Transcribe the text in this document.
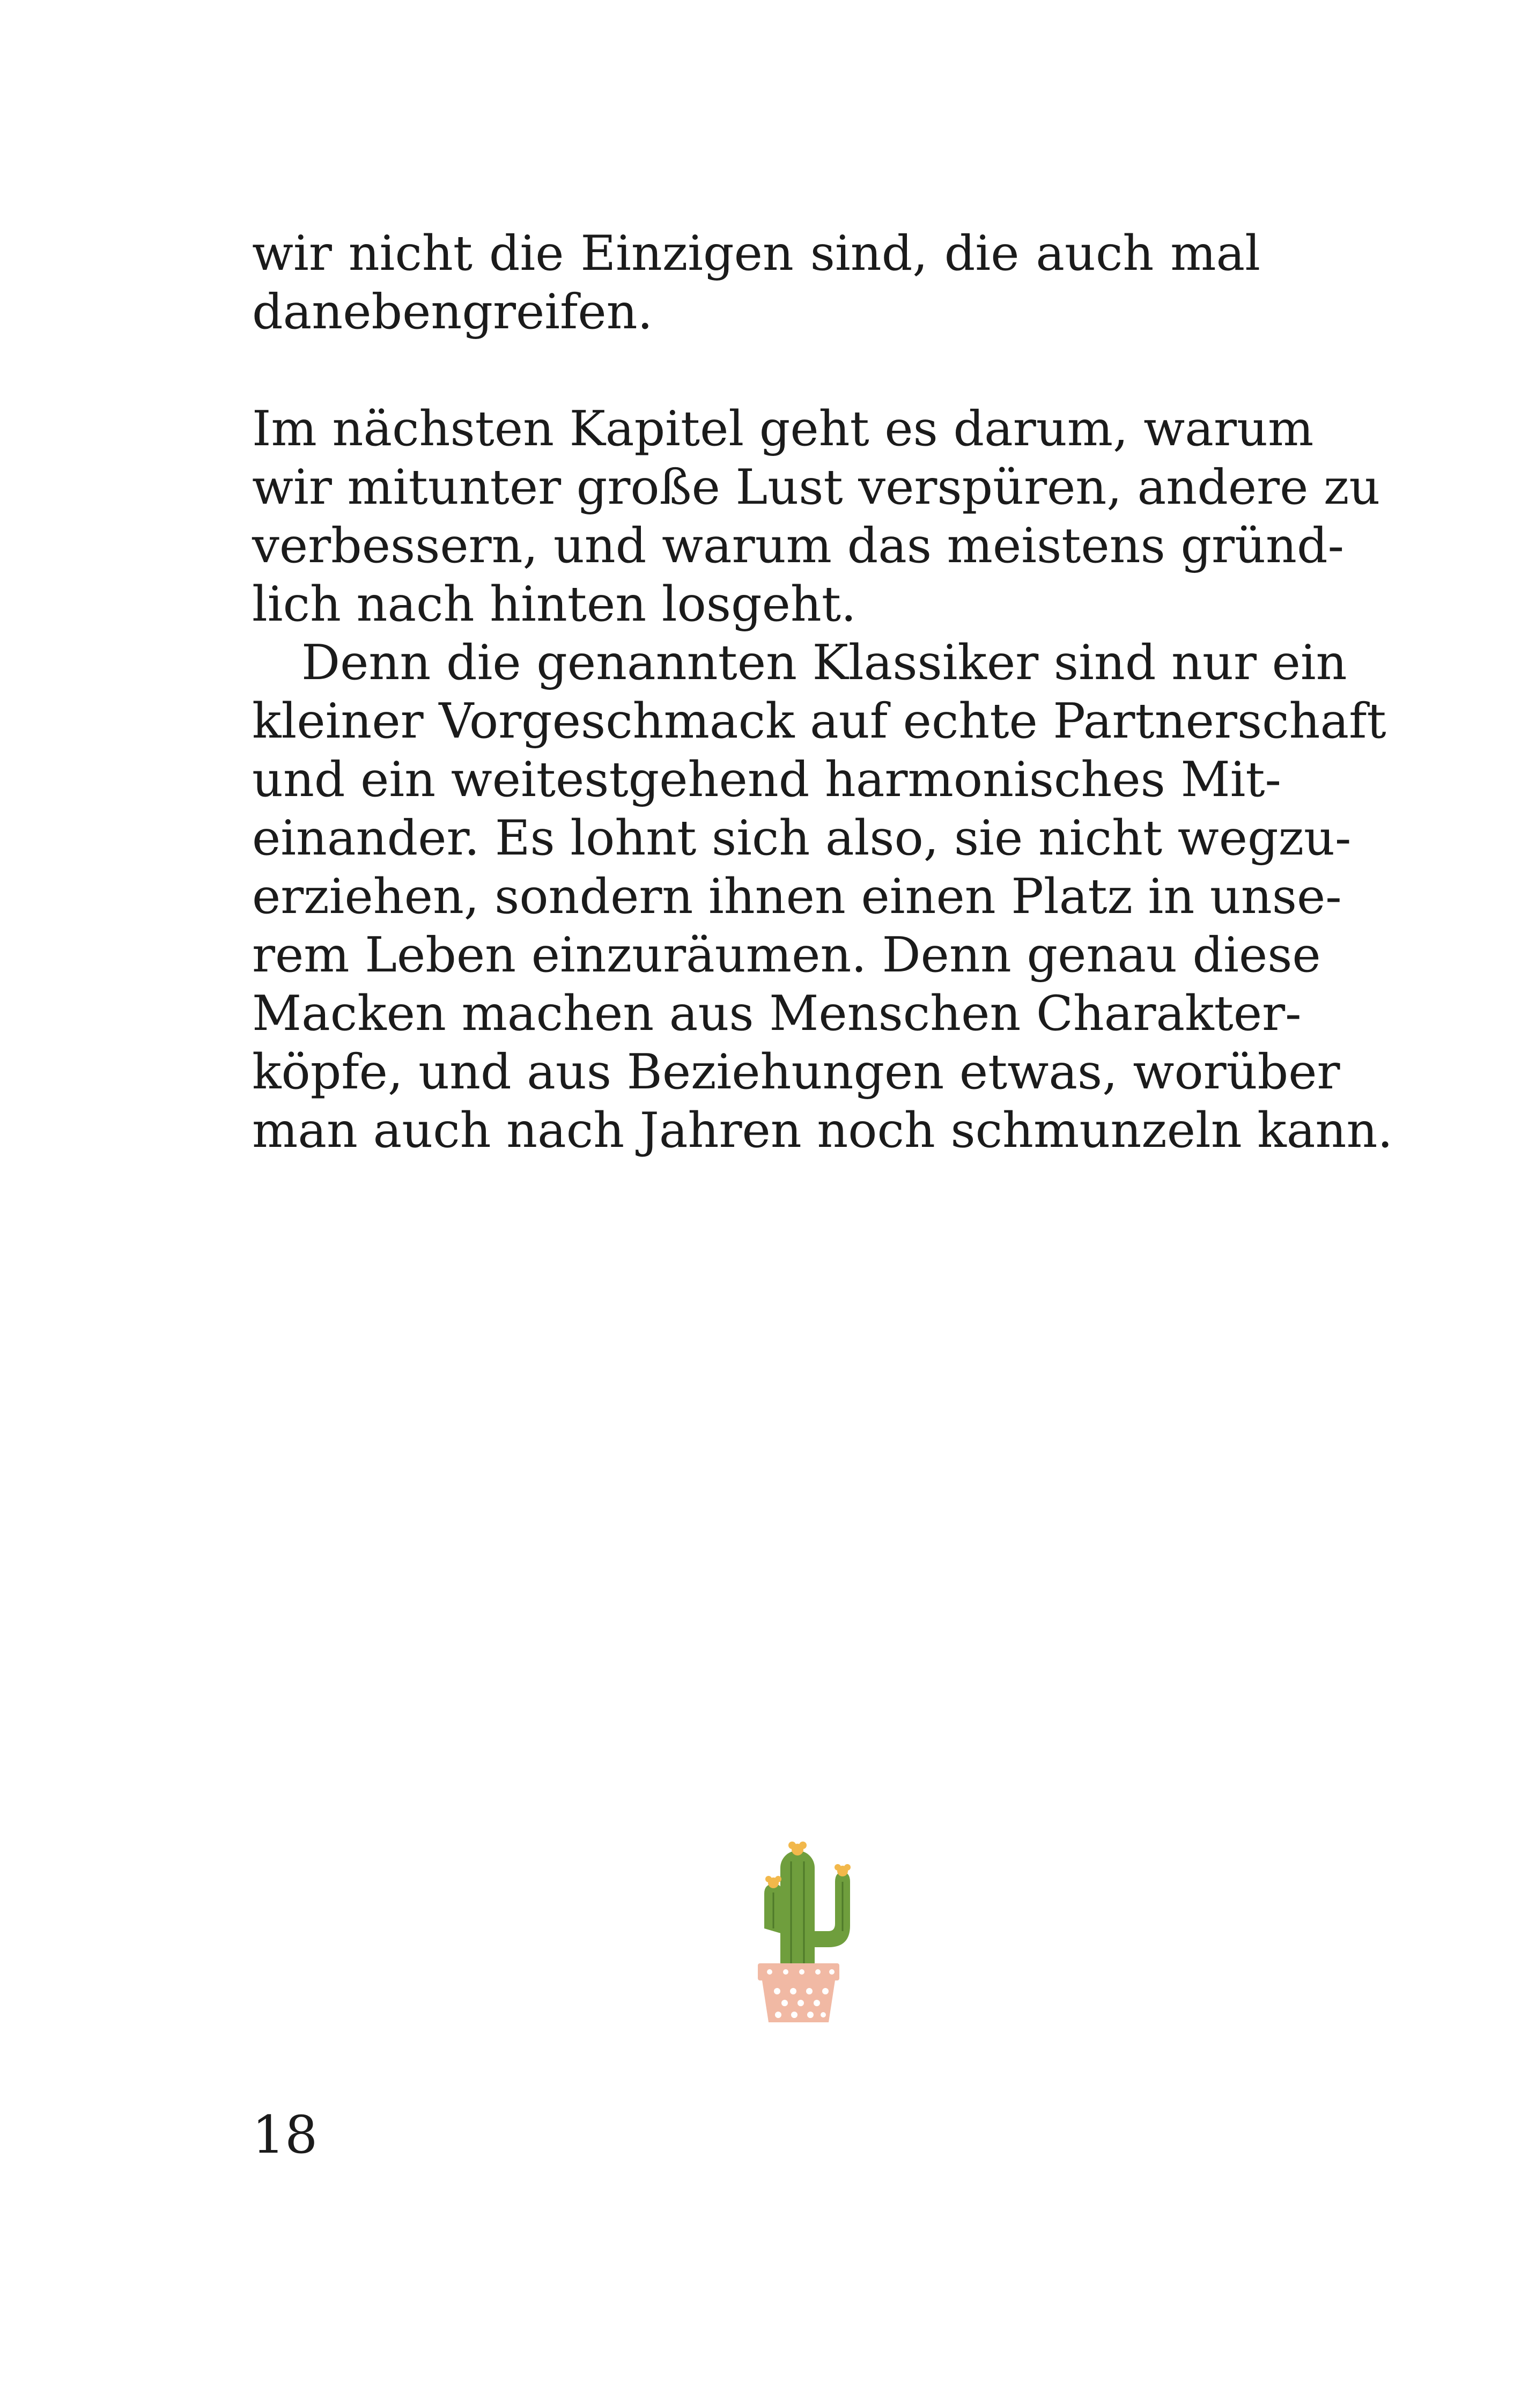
wir nicht die Einzigen sind, die auch mal
danebengreifen.
Im nächsten Kapitel geht es darum, warum
wir mitunter große Lust verspüren, andere zu
verbessern, und warum das meistens gründ-
lich nach hinten losgeht.
Denn die genannten Klassiker sind nur ein
kleiner Vorgeschmack auf echte Partnerschaft
und ein weitestgehend harmonisches Mit-
einander. Es lohnt sich also, sie nicht wegzu-
erziehen, sondern ihnen einen Platz in unse-
rem Leben einzuräumen. Denn genau diese
Macken machen aus Menschen Charakter-
köpfe, und aus Beziehungen etwas, worüber
man auch nach Jahren noch schmunzeln kann.
18
